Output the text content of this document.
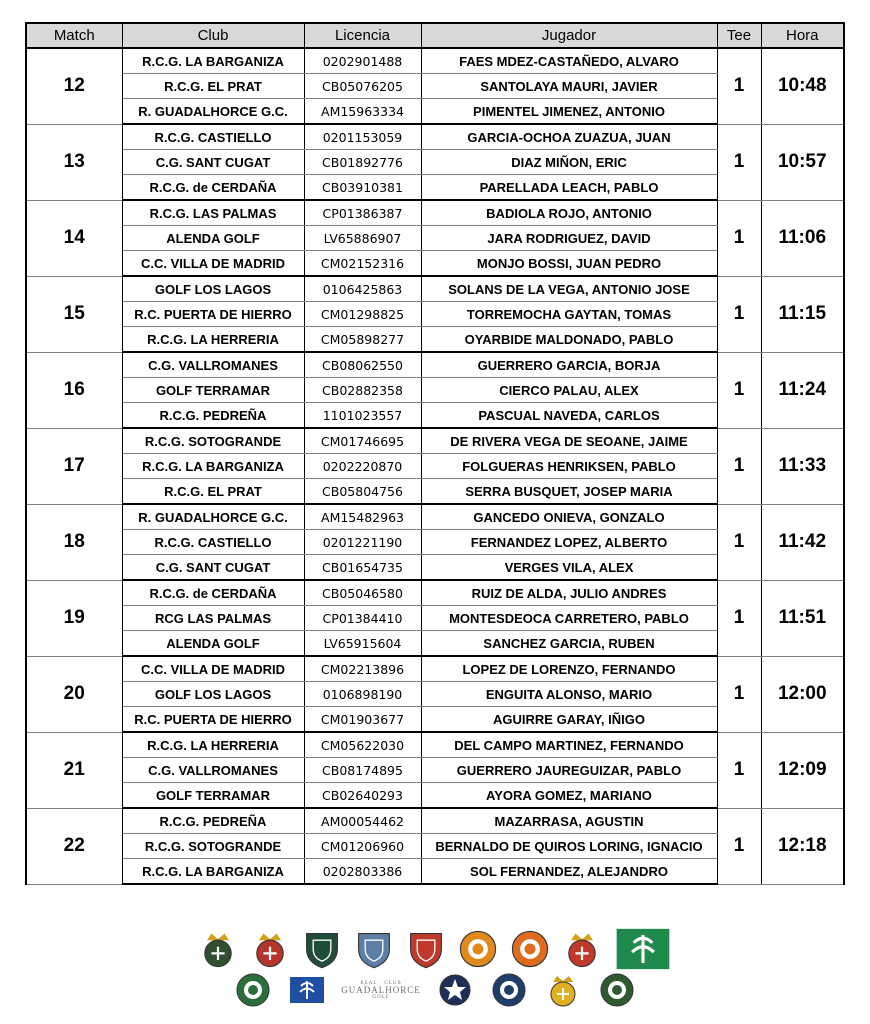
Match	Club	Licencia	Jugador	Tee	Hora
12	R.C.G. LA BARGANIZA	0202901488	FAES MDEZ-CASTAÑEDO, ALVARO	1	10:48
	R.C.G. EL PRAT	CB05076205	SANTOLAYA MAURI, JAVIER		
	R. GUADALHORCE G.C.	AM15963334	PIMENTEL JIMENEZ, ANTONIO		
13	R.C.G. CASTIELLO	0201153059	GARCIA-OCHOA ZUAZUA, JUAN	1	10:57
	C.G. SANT CUGAT	CB01892776	DIAZ MIÑON, ERIC		
	R.C.G. de CERDAÑA	CB03910381	PARELLADA LEACH, PABLO		
14	R.C.G. LAS PALMAS	CP01386387	BADIOLA ROJO, ANTONIO	1	11:06
	ALENDA GOLF	LV65886907	JARA RODRIGUEZ, DAVID		
	C.C. VILLA DE MADRID	CM02152316	MONJO BOSSI, JUAN PEDRO		
15	GOLF LOS LAGOS	0106425863	SOLANS DE LA VEGA, ANTONIO JOSE	1	11:15
	R.C. PUERTA DE HIERRO	CM01298825	TORREMOCHA GAYTAN, TOMAS		
	R.C.G. LA HERRERIA	CM05898277	OYARBIDE MALDONADO, PABLO		
16	C.G. VALLROMANES	CB08062550	GUERRERO GARCIA, BORJA	1	11:24
	GOLF TERRAMAR	CB02882358	CIERCO PALAU, ALEX		
	R.C.G. PEDREÑA	1101023557	PASCUAL NAVEDA, CARLOS		
17	R.C.G. SOTOGRANDE	CM01746695	DE RIVERA VEGA DE SEOANE, JAIME	1	11:33
	R.C.G. LA BARGANIZA	0202220870	FOLGUERAS HENRIKSEN, PABLO		
	R.C.G. EL PRAT	CB05804756	SERRA BUSQUET, JOSEP MARIA		
18	R. GUADALHORCE G.C.	AM15482963	GANCEDO ONIEVA, GONZALO	1	11:42
	R.C.G. CASTIELLO	0201221190	FERNANDEZ LOPEZ, ALBERTO		
	C.G. SANT CUGAT	CB01654735	VERGES VILA, ALEX		
19	R.C.G. de CERDAÑA	CB05046580	RUIZ DE ALDA, JULIO ANDRES	1	11:51
	RCG LAS PALMAS	CP01384410	MONTESDEOCA CARRETERO, PABLO		
	ALENDA GOLF	LV65915604	SANCHEZ GARCIA, RUBEN		
20	C.C. VILLA DE MADRID	CM02213896	LOPEZ DE LORENZO, FERNANDO	1	12:00
	GOLF LOS LAGOS	0106898190	ENGUITA ALONSO, MARIO		
	R.C. PUERTA DE HIERRO	CM01903677	AGUIRRE GARAY, IÑIGO		
21	R.C.G. LA HERRERIA	CM05622030	DEL CAMPO MARTINEZ, FERNANDO	1	12:09
	C.G. VALLROMANES	CB08174895	GUERRERO JAUREGUIZAR, PABLO		
	GOLF TERRAMAR	CB02640293	AYORA GOMEZ, MARIANO		
22	R.C.G. PEDREÑA	AM00054462	MAZARRASA, AGUSTIN	1	12:18
	R.C.G. SOTOGRANDE	CM01206960	BERNALDO DE QUIROS LORING, IGNACIO		
	R.C.G. LA BARGANIZA	0202803386	SOL FERNANDEZ, ALEJANDRO		
REAL · CLUB
GUADALHORCE
GOLF
